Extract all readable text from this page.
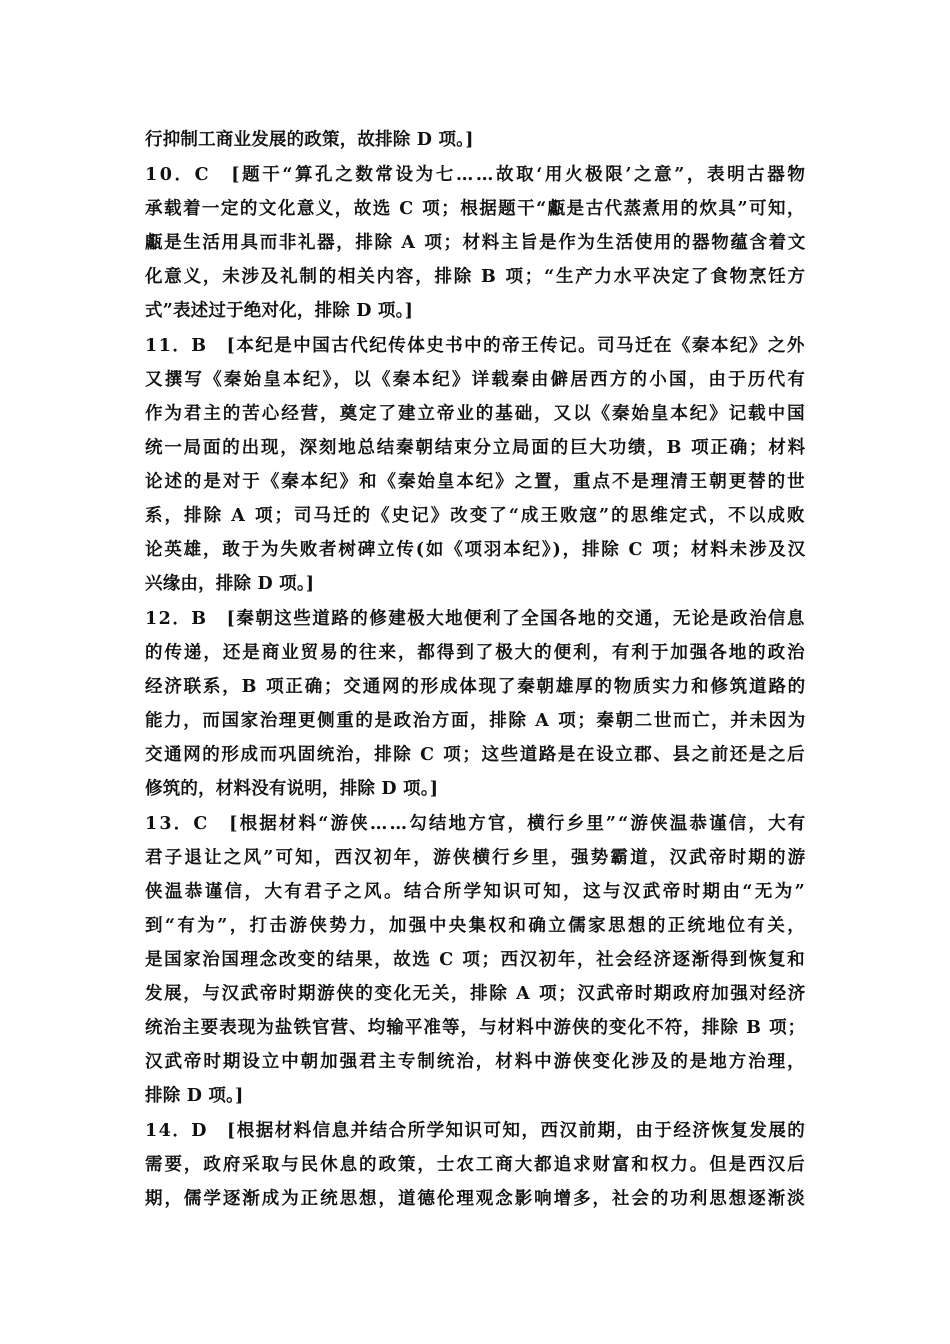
行抑制工商业发展的政策，故排除 D 项。]
10．C　[题干“算孔之数常设为七……故取‘用火极限’之意”，表明古器物
承载着一定的文化意义，故选 C 项；根据题干“甗是古代蒸煮用的炊具”可知，
甗是生活用具而非礼器，排除 A 项；材料主旨是作为生活使用的器物蕴含着文
化意义，未涉及礼制的相关内容，排除 B 项；“生产力水平决定了食物烹饪方
式”表述过于绝对化，排除 D 项。]
11．B　[本纪是中国古代纪传体史书中的帝王传记。司马迁在《秦本纪》之外
又撰写《秦始皇本纪》，以《秦本纪》详载秦由僻居西方的小国，由于历代有
作为君主的苦心经营，奠定了建立帝业的基础，又以《秦始皇本纪》记载中国
统一局面的出现，深刻地总结秦朝结束分立局面的巨大功绩，B 项正确；材料
论述的是对于《秦本纪》和《秦始皇本纪》之置，重点不是理清王朝更替的世
系，排除 A 项；司马迁的《史记》改变了“成王败寇”的思维定式，不以成败
论英雄，敢于为失败者树碑立传(如《项羽本纪》)，排除 C 项；材料未涉及汉
兴缘由，排除 D 项。]
12．B　[秦朝这些道路的修建极大地便利了全国各地的交通，无论是政治信息
的传递，还是商业贸易的往来，都得到了极大的便利，有利于加强各地的政治
经济联系，B 项正确；交通网的形成体现了秦朝雄厚的物质实力和修筑道路的
能力，而国家治理更侧重的是政治方面，排除 A 项；秦朝二世而亡，并未因为
交通网的形成而巩固统治，排除 C 项；这些道路是在设立郡、县之前还是之后
修筑的，材料没有说明，排除 D 项。]
13．C　[根据材料“游侠……勾结地方官，横行乡里”“游侠温恭谨信，大有
君子退让之风”可知，西汉初年，游侠横行乡里，强势霸道，汉武帝时期的游
侠温恭谨信，大有君子之风。结合所学知识可知，这与汉武帝时期由“无为”
到“有为”，打击游侠势力，加强中央集权和确立儒家思想的正统地位有关，
是国家治国理念改变的结果，故选 C 项；西汉初年，社会经济逐渐得到恢复和
发展，与汉武帝时期游侠的变化无关，排除 A 项；汉武帝时期政府加强对经济
统治主要表现为盐铁官营、均输平准等，与材料中游侠的变化不符，排除 B 项；
汉武帝时期设立中朝加强君主专制统治，材料中游侠变化涉及的是地方治理，
排除 D 项。]
14．D　[根据材料信息并结合所学知识可知，西汉前期，由于经济恢复发展的
需要，政府采取与民休息的政策，士农工商大都追求财富和权力。但是西汉后
期，儒学逐渐成为正统思想，道德伦理观念影响增多，社会的功利思想逐渐淡
